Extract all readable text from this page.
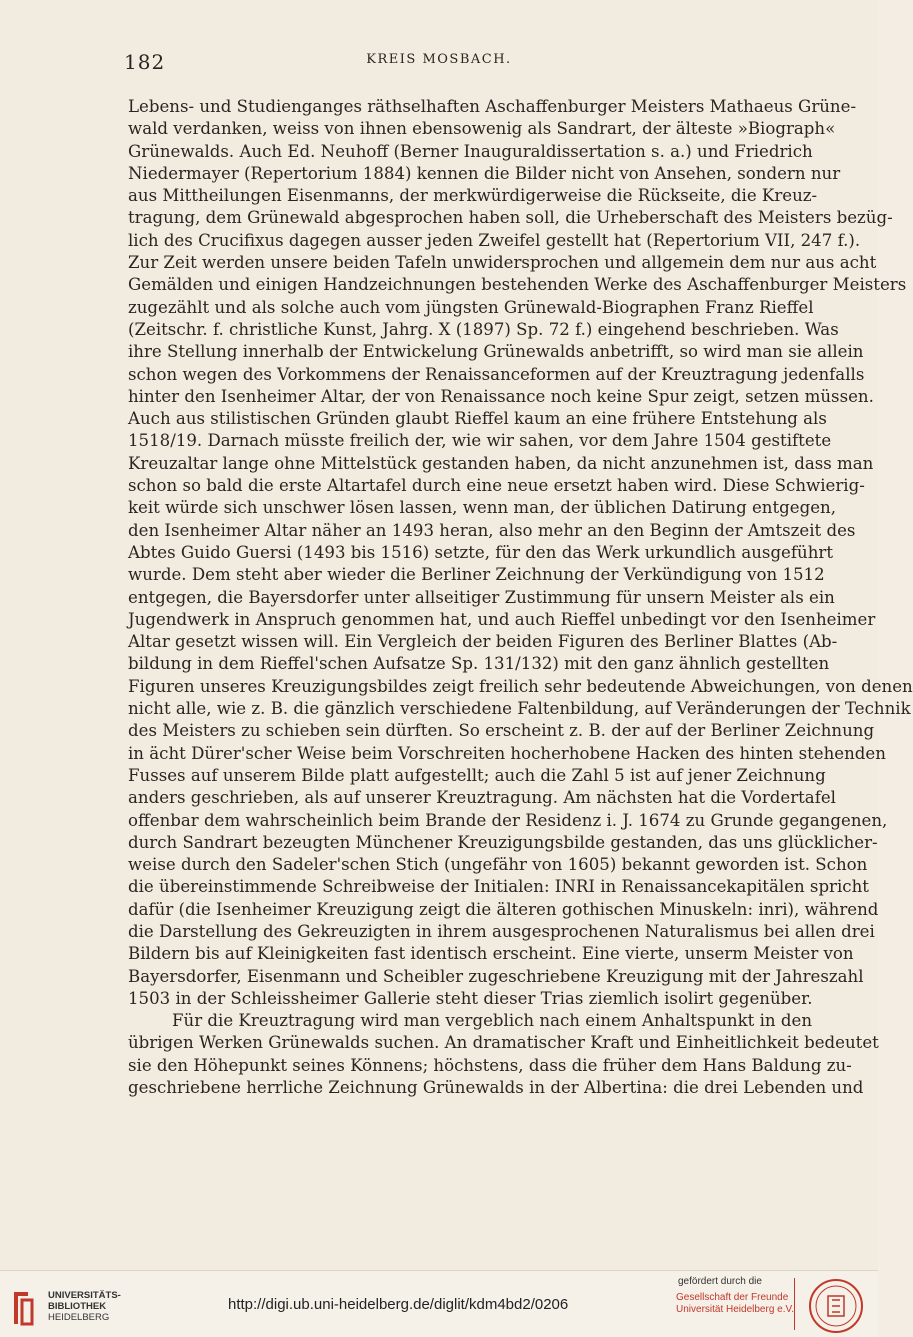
182	KREIS MOSBACH.

Lebens- und Studienganges räthselhaften Aschaffenburger Meisters Mathaeus Grüne-
wald verdanken, weiss von ihnen ebensowenig als Sandrart, der älteste »Biograph«
Grünewalds. Auch Ed. Neuhoff (Berner Inauguraldissertation s. a.) und Friedrich
Niedermayer (Repertorium 1884) kennen die Bilder nicht von Ansehen, sondern nur
aus Mittheilungen Eisenmanns, der merkwürdigerweise die Rückseite, die Kreuz-
tragung, dem Grünewald abgesprochen haben soll, die Urheberschaft des Meisters bezüg-
lich des Crucifixus dagegen ausser jeden Zweifel gestellt hat (Repertorium VII, 247 f.).
Zur Zeit werden unsere beiden Tafeln unwidersprochen und allgemein dem nur aus acht
Gemälden und einigen Handzeichnungen bestehenden Werke des Aschaffenburger Meisters
zugezählt und als solche auch vom jüngsten Grünewald-Biographen Franz Rieffel
(Zeitschr. f. christliche Kunst, Jahrg. X (1897) Sp. 72 f.) eingehend beschrieben. Was
ihre Stellung innerhalb der Entwickelung Grünewalds anbetrifft, so wird man sie allein
schon wegen des Vorkommens der Renaissanceformen auf der Kreuztragung jedenfalls
hinter den Isenheimer Altar, der von Renaissance noch keine Spur zeigt, setzen müssen.
Auch aus stilistischen Gründen glaubt Rieffel kaum an eine frühere Entstehung als
1518/19. Darnach müsste freilich der, wie wir sahen, vor dem Jahre 1504 gestiftete
Kreuzaltar lange ohne Mittelstück gestanden haben, da nicht anzunehmen ist, dass man
schon so bald die erste Altartafel durch eine neue ersetzt haben wird. Diese Schwierig-
keit würde sich unschwer lösen lassen, wenn man, der üblichen Datirung entgegen,
den Isenheimer Altar näher an 1493 heran, also mehr an den Beginn der Amtszeit des
Abtes Guido Guersi (1493 bis 1516) setzte, für den das Werk urkundlich ausgeführt
wurde. Dem steht aber wieder die Berliner Zeichnung der Verkündigung von 1512
entgegen, die Bayersdorfer unter allseitiger Zustimmung für unsern Meister als ein
Jugendwerk in Anspruch genommen hat, und auch Rieffel unbedingt vor den Isenheimer
Altar gesetzt wissen will. Ein Vergleich der beiden Figuren des Berliner Blattes (Ab-
bildung in dem Rieffel'schen Aufsatze Sp. 131/132) mit den ganz ähnlich gestellten
Figuren unseres Kreuzigungsbildes zeigt freilich sehr bedeutende Abweichungen, von denen
nicht alle, wie z. B. die gänzlich verschiedene Faltenbildung, auf Veränderungen der Technik
des Meisters zu schieben sein dürften. So erscheint z. B. der auf der Berliner Zeichnung
in ächt Dürer'scher Weise beim Vorschreiten hocherhobene Hacken des hinten stehenden
Fusses auf unserem Bilde platt aufgestellt; auch die Zahl 5 ist auf jener Zeichnung
anders geschrieben, als auf unserer Kreuztragung. Am nächsten hat die Vordertafel
offenbar dem wahrscheinlich beim Brande der Residenz i. J. 1674 zu Grunde gegangenen,
durch Sandrart bezeugten Münchener Kreuzigungsbilde gestanden, das uns glücklicher-
weise durch den Sadeler'schen Stich (ungefähr von 1605) bekannt geworden ist. Schon
die übereinstimmende Schreibweise der Initialen: INRI in Renaissancekapitälen spricht
dafür (die Isenheimer Kreuzigung zeigt die älteren gothischen Minuskeln: inri), während
die Darstellung des Gekreuzigten in ihrem ausgesprochenen Naturalismus bei allen drei
Bildern bis auf Kleinigkeiten fast identisch erscheint. Eine vierte, unserm Meister von
Bayersdorfer, Eisenmann und Scheibler zugeschriebene Kreuzigung mit der Jahreszahl
1503 in der Schleissheimer Gallerie steht dieser Trias ziemlich isolirt gegenüber.

Für die Kreuztragung wird man vergeblich nach einem Anhaltspunkt in den
übrigen Werken Grünewalds suchen. An dramatischer Kraft und Einheitlichkeit bedeutet
sie den Höhepunkt seines Könnens; höchstens, dass die früher dem Hans Baldung zu-
geschriebene herrliche Zeichnung Grünewalds in der Albertina: die drei Lebenden und

UNIVERSITÄTS-
BIBLIOTHEK
HEIDELBERG
http://digi.ub.uni-heidelberg.de/diglit/kdm4bd2/0206
gefördert durch die
Gesellschaft der Freunde
Universität Heidelberg e.V.
